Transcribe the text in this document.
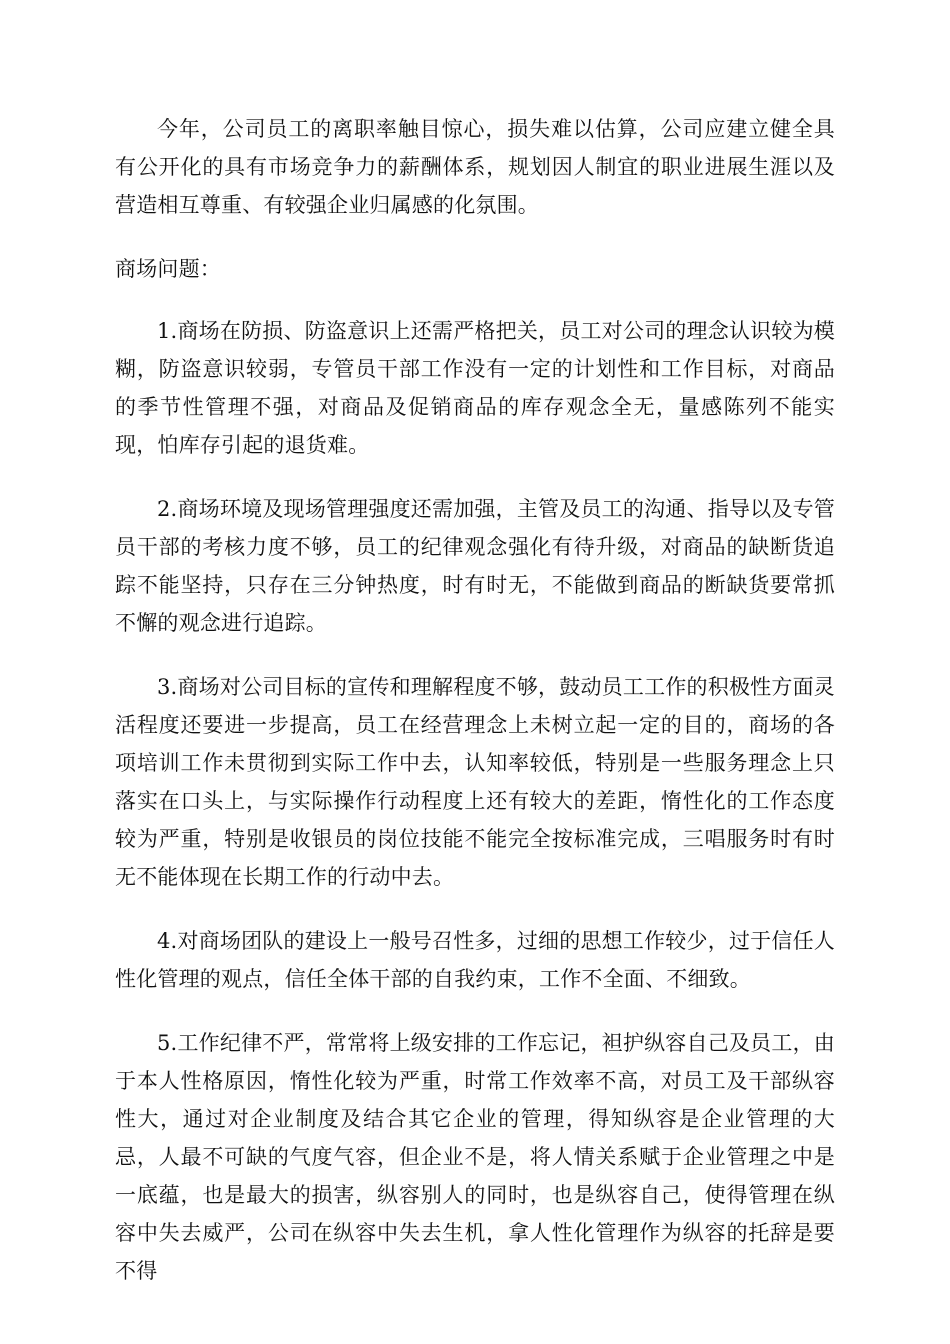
今年，公司员工的离职率触目惊心，损失难以估算，公司应建立健全具有公开化的具有市场竞争力的薪酬体系，规划因人制宜的职业进展生涯以及营造相互尊重、有较强企业归属感的化氛围。

商场问题：

1.商场在防损、防盗意识上还需严格把关，员工对公司的理念认识较为模糊，防盗意识较弱，专管员干部工作没有一定的计划性和工作目标，对商品的季节性管理不强，对商品及促销商品的库存观念全无，量感陈列不能实现，怕库存引起的退货难。

2.商场环境及现场管理强度还需加强，主管及员工的沟通、指导以及专管员干部的考核力度不够，员工的纪律观念强化有待升级，对商品的缺断货追踪不能坚持，只存在三分钟热度，时有时无，不能做到商品的断缺货要常抓不懈的观念进行追踪。

3.商场对公司目标的宣传和理解程度不够，鼓动员工工作的积极性方面灵活程度还要进一步提高，员工在经营理念上未树立起一定的目的，商场的各项培训工作未贯彻到实际工作中去，认知率较低，特别是一些服务理念上只落实在口头上，与实际操作行动程度上还有较大的差距，惰性化的工作态度较为严重，特别是收银员的岗位技能不能完全按标准完成，三唱服务时有时无不能体现在长期工作的行动中去。

4.对商场团队的建设上一般号召性多，过细的思想工作较少，过于信任人性化管理的观点，信任全体干部的自我约束，工作不全面、不细致。

5.工作纪律不严，常常将上级安排的工作忘记，袒护纵容自己及员工，由于本人性格原因，惰性化较为严重，时常工作效率不高，对员工及干部纵容性大，通过对企业制度及结合其它企业的管理，得知纵容是企业管理的大忌，人最不可缺的气度气容，但企业不是，将人情关系赋于企业管理之中是一底蕴，也是最大的损害，纵容别人的同时，也是纵容自己，使得管理在纵容中失去威严，公司在纵容中失去生机，拿人性化管理作为纵容的托辞是要不得
